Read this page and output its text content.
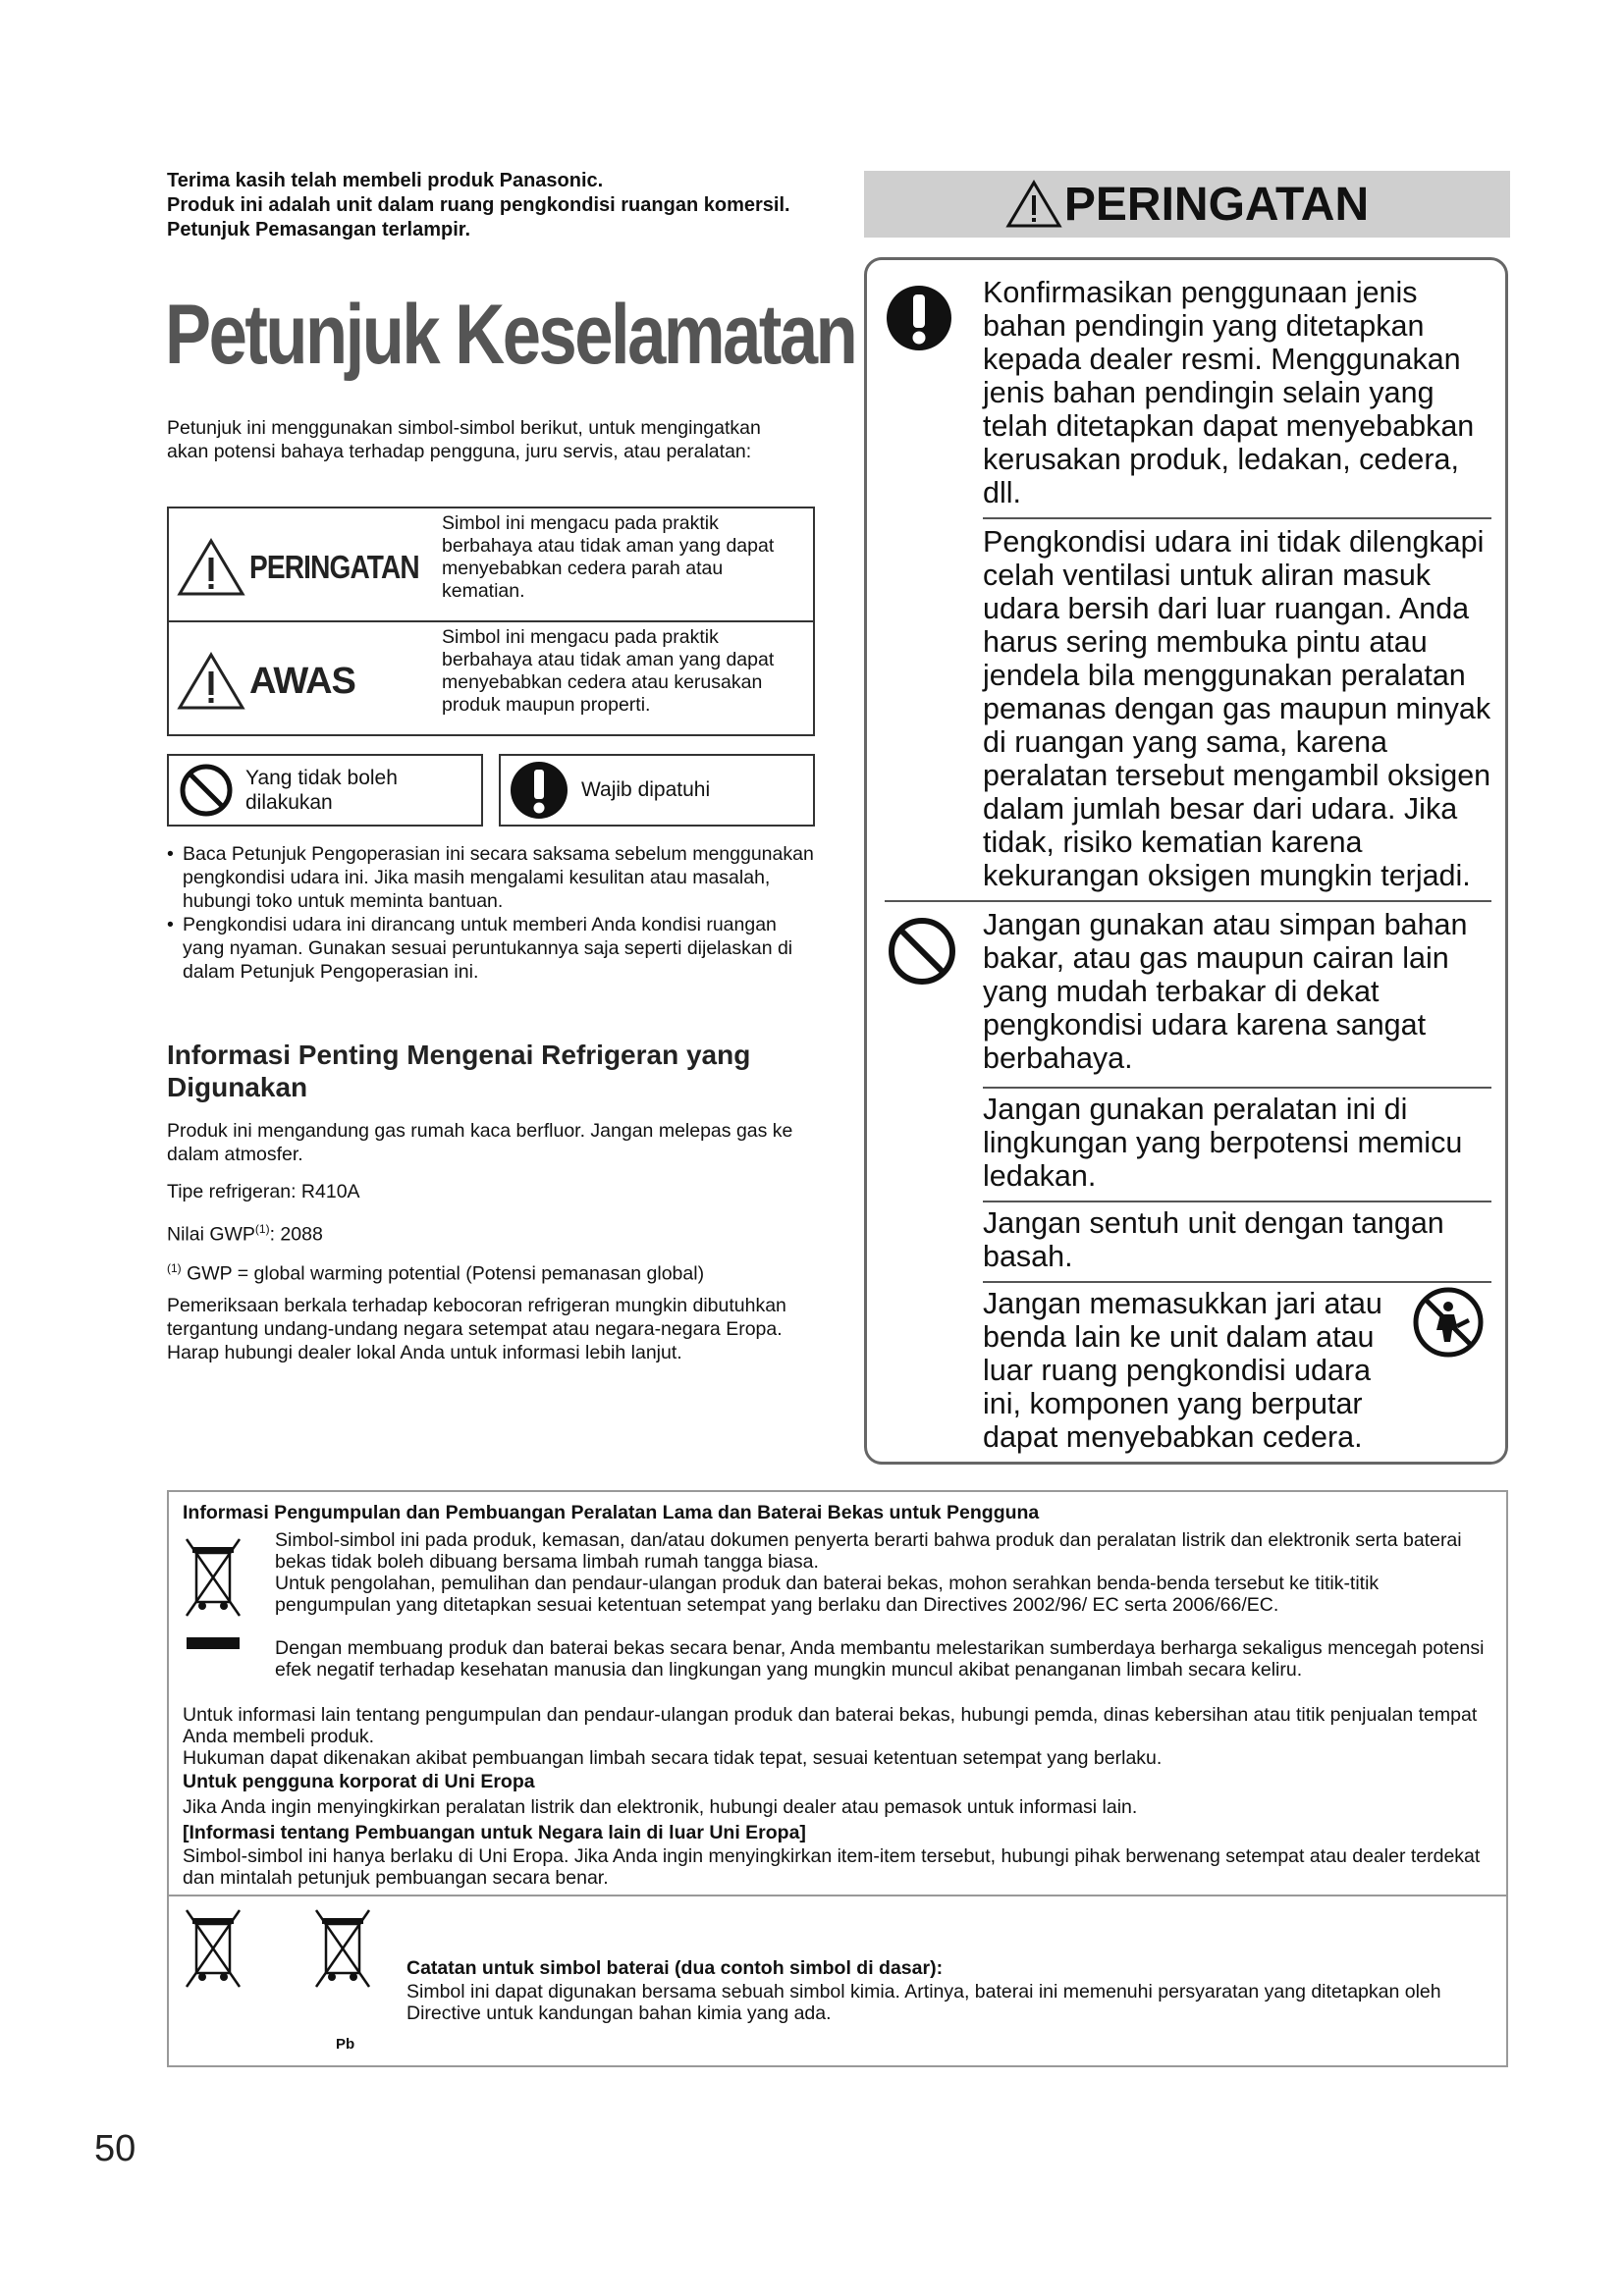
Terima kasih telah membeli produk Panasonic.
Produk ini adalah unit dalam ruang pengkondisi ruangan komersil.
Petunjuk Pemasangan terlampir.
Petunjuk Keselamatan
Petunjuk ini menggunakan simbol-simbol berikut, untuk mengingatkan akan potensi bahaya terhadap pengguna, juru servis, atau peralatan:
PERINGATAN
Simbol ini mengacu pada praktik berbahaya atau tidak aman yang dapat menyebabkan cedera parah atau kematian.
AWAS
Simbol ini mengacu pada praktik berbahaya atau tidak aman yang dapat menyebabkan cedera atau kerusakan produk maupun properti.
Yang tidak boleh dilakukan
Wajib dipatuhi
• Baca Petunjuk Pengoperasian ini secara saksama sebelum menggunakan pengkondisi udara ini. Jika masih mengalami kesulitan atau masalah, hubungi toko untuk meminta bantuan.
• Pengkondisi udara ini dirancang untuk memberi Anda kondisi ruangan yang nyaman. Gunakan sesuai peruntukannya saja seperti dijelaskan di dalam Petunjuk Pengoperasian ini.
Informasi Penting Mengenai Refrigeran yang Digunakan
Produk ini mengandung gas rumah kaca berfluor. Jangan melepas gas ke dalam atmosfer.
Tipe refrigeran: R410A
Nilai GWP$^{(1)}$: 2088
$^{(1)}$ GWP = global warming potential (Potensi pemanasan global)
Pemeriksaan berkala terhadap kebocoran refrigeran mungkin dibutuhkan tergantung undang-undang negara setempat atau negara-negara Eropa. Harap hubungi dealer lokal Anda untuk informasi lebih lanjut.
PERINGATAN
Konfirmasikan penggunaan jenis bahan pendingin yang ditetapkan kepada dealer resmi. Menggunakan jenis bahan pendingin selain yang telah ditetapkan dapat menyebabkan kerusakan produk, ledakan, cedera, dll.
Pengkondisi udara ini tidak dilengkapi celah ventilasi untuk aliran masuk udara bersih dari luar ruangan. Anda harus sering membuka pintu atau jendela bila menggunakan peralatan pemanas dengan gas maupun minyak di ruangan yang sama, karena peralatan tersebut mengambil oksigen dalam jumlah besar dari udara. Jika tidak, risiko kematian karena kekurangan oksigen mungkin terjadi.
Jangan gunakan atau simpan bahan bakar, atau gas maupun cairan lain yang mudah terbakar di dekat pengkondisi udara karena sangat berbahaya.
Jangan gunakan peralatan ini di lingkungan yang berpotensi memicu ledakan.
Jangan sentuh unit dengan tangan basah.
Jangan memasukkan jari atau benda lain ke unit dalam atau luar ruang pengkondisi udara ini, komponen yang berputar dapat menyebabkan cedera.
Informasi Pengumpulan dan Pembuangan Peralatan Lama dan Baterai Bekas untuk Pengguna
Simbol-simbol ini pada produk, kemasan, dan/atau dokumen penyerta berarti bahwa produk dan peralatan listrik dan elektronik serta baterai bekas tidak boleh dibuang bersama limbah rumah tangga biasa.
Untuk pengolahan, pemulihan dan pendaur-ulangan produk dan baterai bekas, mohon serahkan benda-benda tersebut ke titik-titik pengumpulan yang ditetapkan sesuai ketentuan setempat yang berlaku dan Directives 2002/96/ EC serta 2006/66/EC.
Dengan membuang produk dan baterai bekas secara benar, Anda membantu melestarikan sumberdaya berharga sekaligus mencegah potensi efek negatif terhadap kesehatan manusia dan lingkungan yang mungkin muncul akibat penanganan limbah secara keliru.
Untuk informasi lain tentang pengumpulan dan pendaur-ulangan produk dan baterai bekas, hubungi pemda, dinas kebersihan atau titik penjualan tempat Anda membeli produk.
Hukuman dapat dikenakan akibat pembuangan limbah secara tidak tepat, sesuai ketentuan setempat yang berlaku.
Untuk pengguna korporat di Uni Eropa
Jika Anda ingin menyingkirkan peralatan listrik dan elektronik, hubungi dealer atau pemasok untuk informasi lain.
[Informasi tentang Pembuangan untuk Negara lain di luar Uni Eropa]
Simbol-simbol ini hanya berlaku di Uni Eropa. Jika Anda ingin menyingkirkan item-item tersebut, hubungi pihak berwenang setempat atau dealer terdekat dan mintalah petunjuk pembuangan secara benar.
Pb
Catatan untuk simbol baterai (dua contoh simbol di dasar):
Simbol ini dapat digunakan bersama sebuah simbol kimia. Artinya, baterai ini memenuhi persyaratan yang ditetapkan oleh Directive untuk kandungan bahan kimia yang ada.
50
